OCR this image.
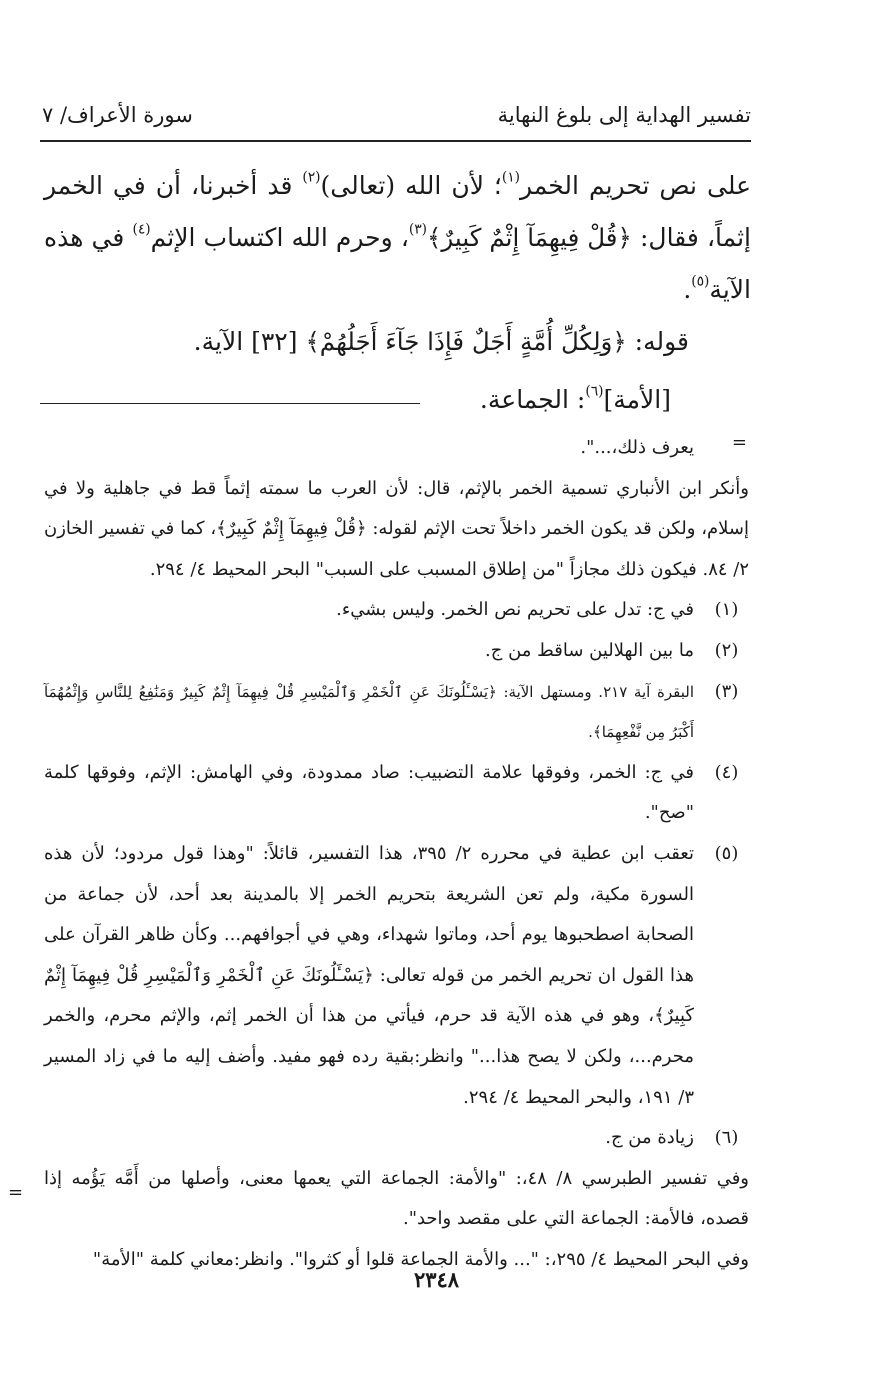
تفسير الهداية إلى بلوغ النهاية
سورة الأعراف/ ٧

على نص تحريم الخمر$^{(١)}$؛ لأن الله (تعالى)$^{(٢)}$ قد أخبرنا، أن في الخمر إثماً، فقال: ﴿قُلْ فِيهِمَآ إِثْمٌ كَبِيرٌ﴾$^{(٣)}$، وحرم الله اكتساب الإثم$^{(٤)}$ في هذه الآية$^{(٥)}$.

قوله: ﴿وَلِكُلِّ أُمَّةٍ أَجَلٌ فَإِذَا جَآءَ أَجَلُهُمْ﴾ [٣٢] الآية.

[الأمة]$^{(٦)}$: الجماعة.

=

يعرف ذلك،...".

وأنكر ابن الأنباري تسمية الخمر بالإثم، قال: لأن العرب ما سمته إثماً قط في جاهلية ولا في إسلام، ولكن قد يكون الخمر داخلاً تحت الإثم لقوله: ﴿قُلْ فِيهِمَآ إِثْمٌ كَبِيرٌ﴾، كما في تفسير الخازن ٢/ ٨٤. فيكون ذلك مجازاً "من إطلاق المسبب على السبب" البحر المحيط ٤/ ٢٩٤.

(١)
في ج: تدل على تحريم نص الخمر. وليس بشيء.
(٢)
ما بين الهلالين ساقط من ج.
(٣)
البقرة آية ٢١٧. ومستهل الآية: ﴿يَسْـَٔلُونَكَ عَنِ ٱلْخَمْرِ وَٱلْمَيْسِرِ قُلْ فِيهِمَآ إِثْمٌ كَبِيرٌ وَمَنَٰفِعُ لِلنَّاسِ وَإِثْمُهُمَآ أَكْبَرُ مِن نَّفْعِهِمَا﴾.
(٤)
في ج: الخمر، وفوقها علامة التضبيب: صاد ممدودة، وفي الهامش: الإثم، وفوقها كلمة "صح".
(٥)
تعقب ابن عطية في محرره ٢/ ٣٩٥، هذا التفسير، قائلاً: "وهذا قول مردود؛ لأن هذه السورة مكية، ولم تعن الشريعة بتحريم الخمر إلا بالمدينة بعد أحد، لأن جماعة من الصحابة اصطحبوها يوم أحد، وماتوا شهداء، وهي في أجوافهم... وكأن ظاهر القرآن على هذا القول ان تحريم الخمر من قوله تعالى: ﴿يَسْـَٔلُونَكَ عَنِ ٱلْخَمْرِ وَٱلْمَيْسِرِ قُلْ فِيهِمَآ إِثْمٌ كَبِيرٌ﴾، وهو في هذه الآية قد حرم، فيأتي من هذا أن الخمر إثم، والإثم محرم، والخمر محرم...، ولكن لا يصح هذا..." وانظر:بقية رده فهو مفيد. وأضف إليه ما في زاد المسير ٣/ ١٩١، والبحر المحيط ٤/ ٢٩٤.
(٦)
زيادة من ج.

وفي تفسير الطبرسي ٨/ ٤٨،: "والأمة: الجماعة التي يعمها معنى، وأصلها من أَمَّه يَؤُمه إذا قصده، فالأمة: الجماعة التي على مقصد واحد".

وفي البحر المحيط ٤/ ٢٩٥،: "... والأمة الجماعة قلوا أو كثروا". وانظر:معاني كلمة "الأمة"

=
٢٣٤٨
